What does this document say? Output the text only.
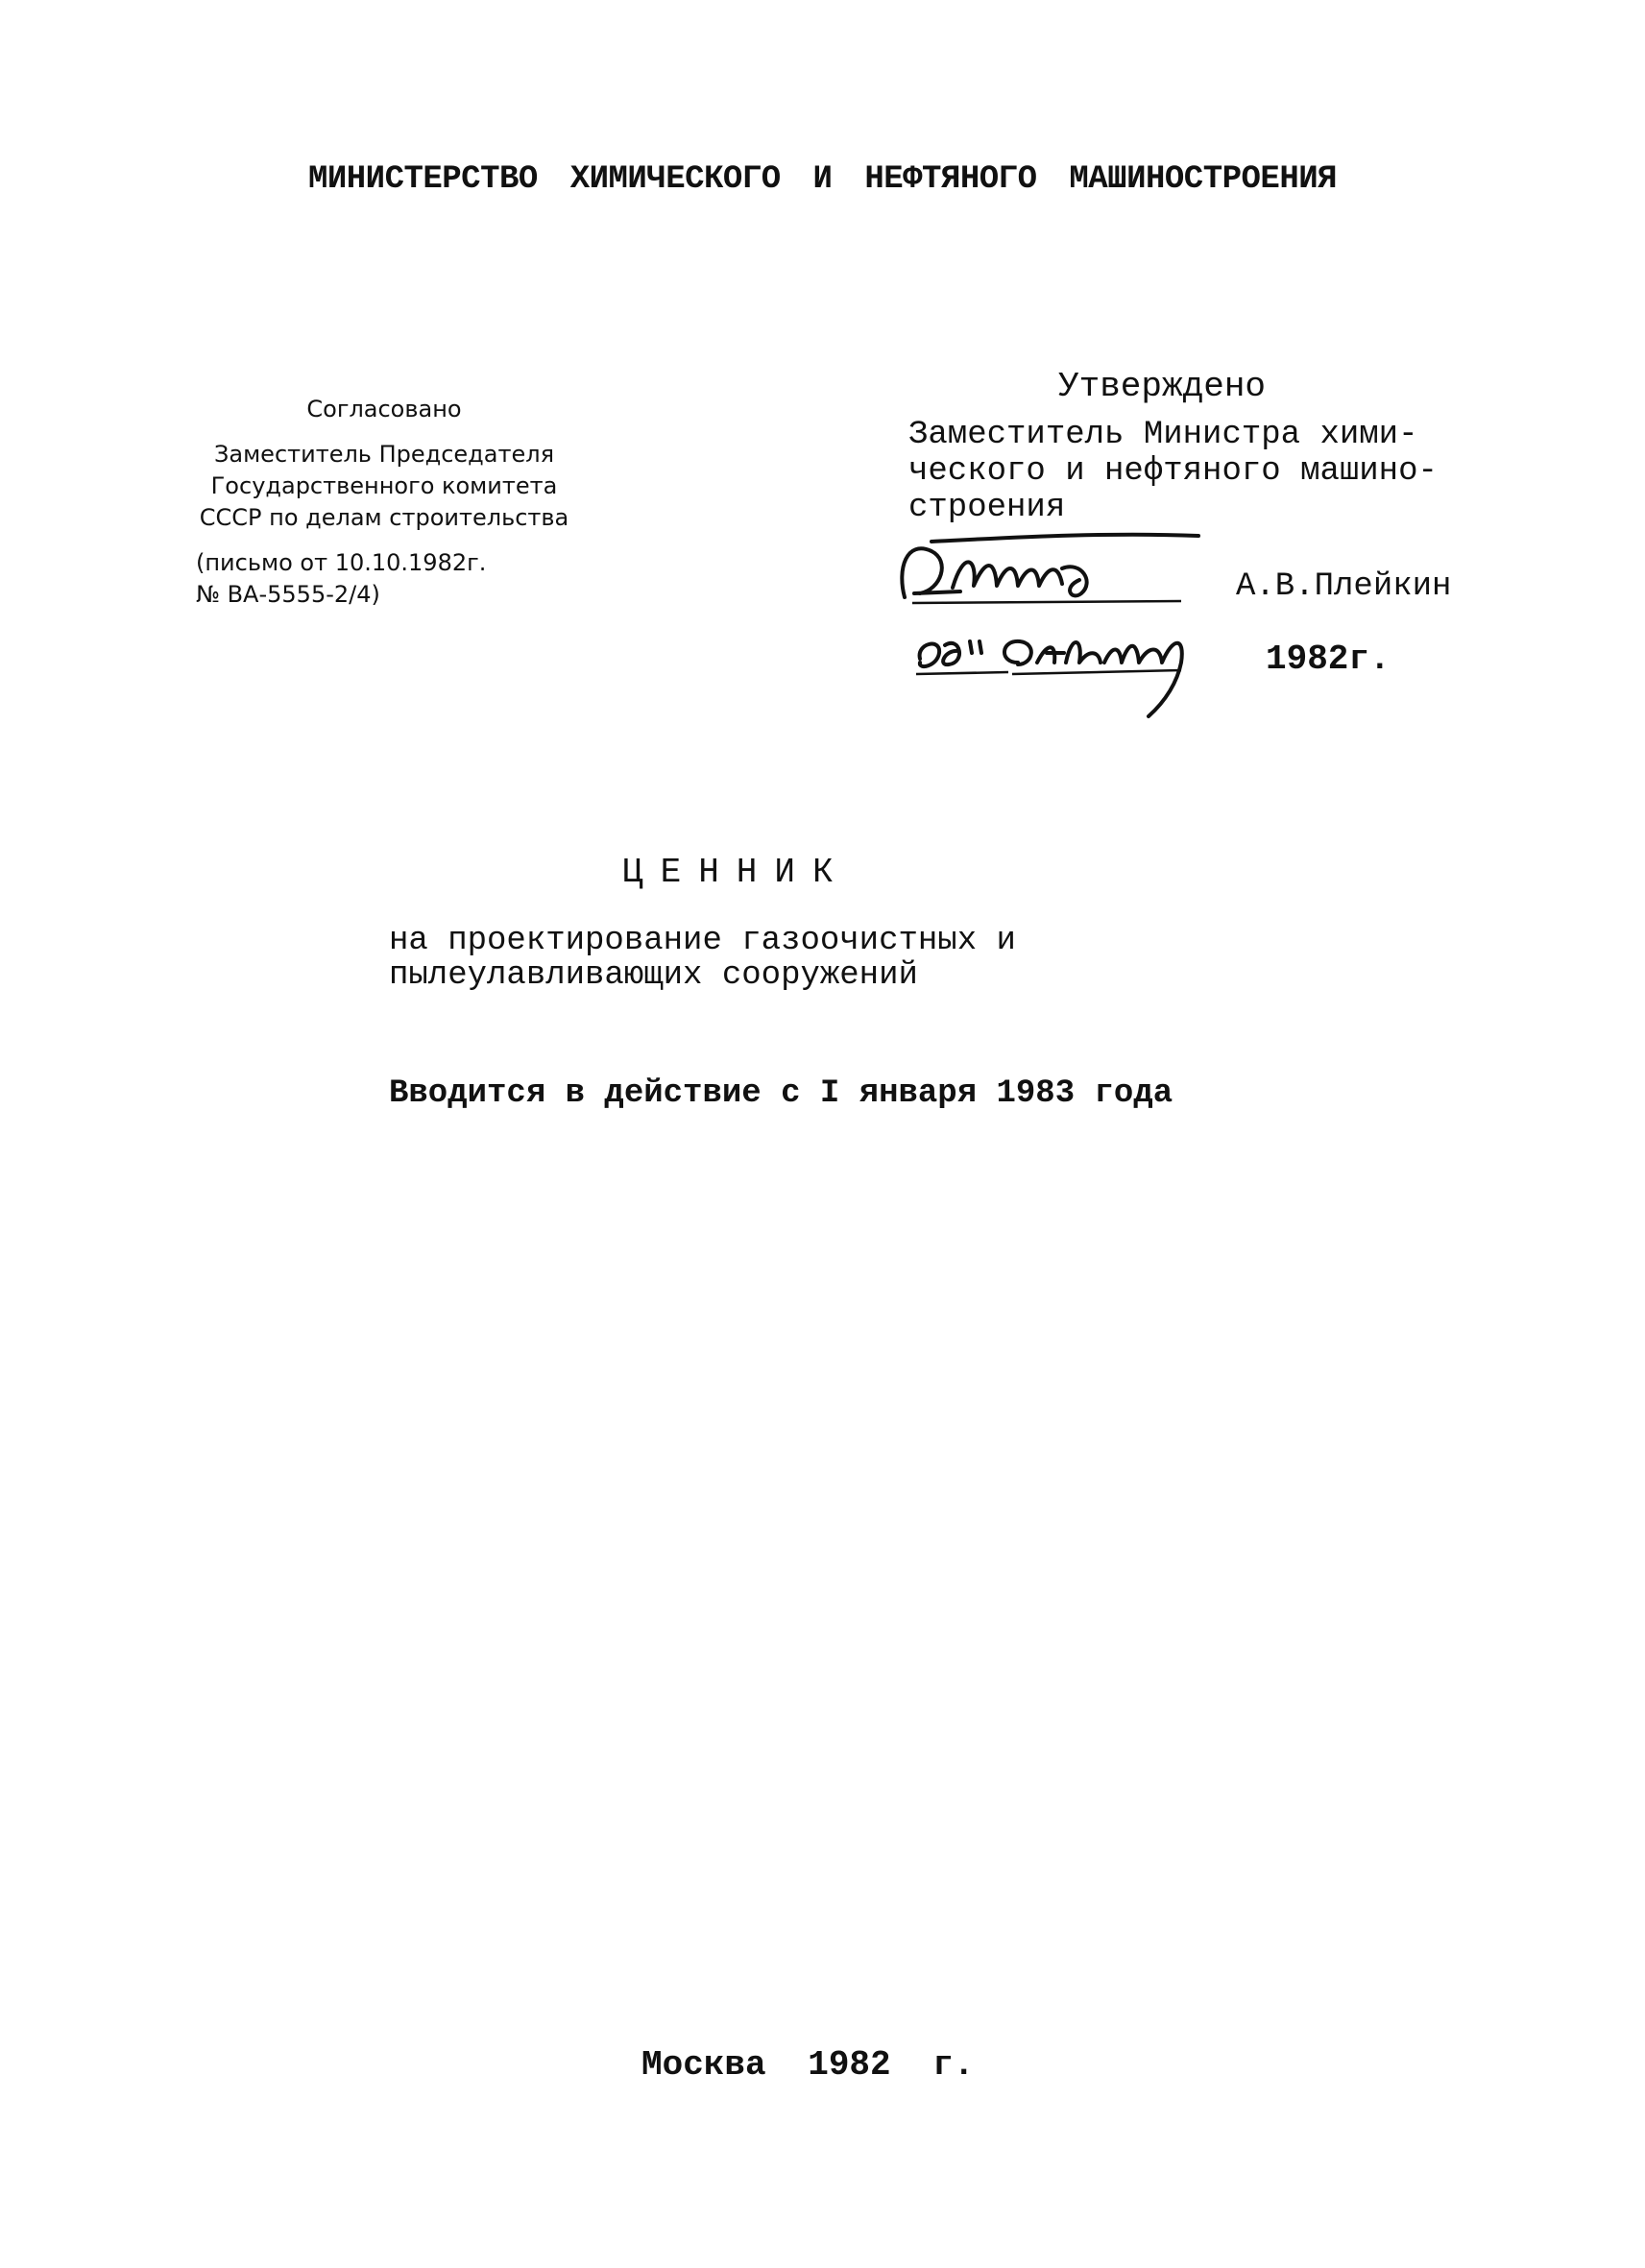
МИНИСТЕРСТВО ХИМИЧЕСКОГО И НЕФТЯНОГО МАШИНОСТРОЕНИЯ
Согласовано
Заместитель Председателя
Государственного комитета
СССР по делам строительства
(письмо от 10.10.1982г.
№ ВА-5555-2/4)
Утверждено
Заместитель Министра хими-
ческого и нефтяного машино-
строения
А.В.Плейкин
1982г.
ЦЕННИК
на проектирование газоочистных и
пылеулавливающих сооружений
Вводится в действие с I января 1983 года
Москва 1982 г.
